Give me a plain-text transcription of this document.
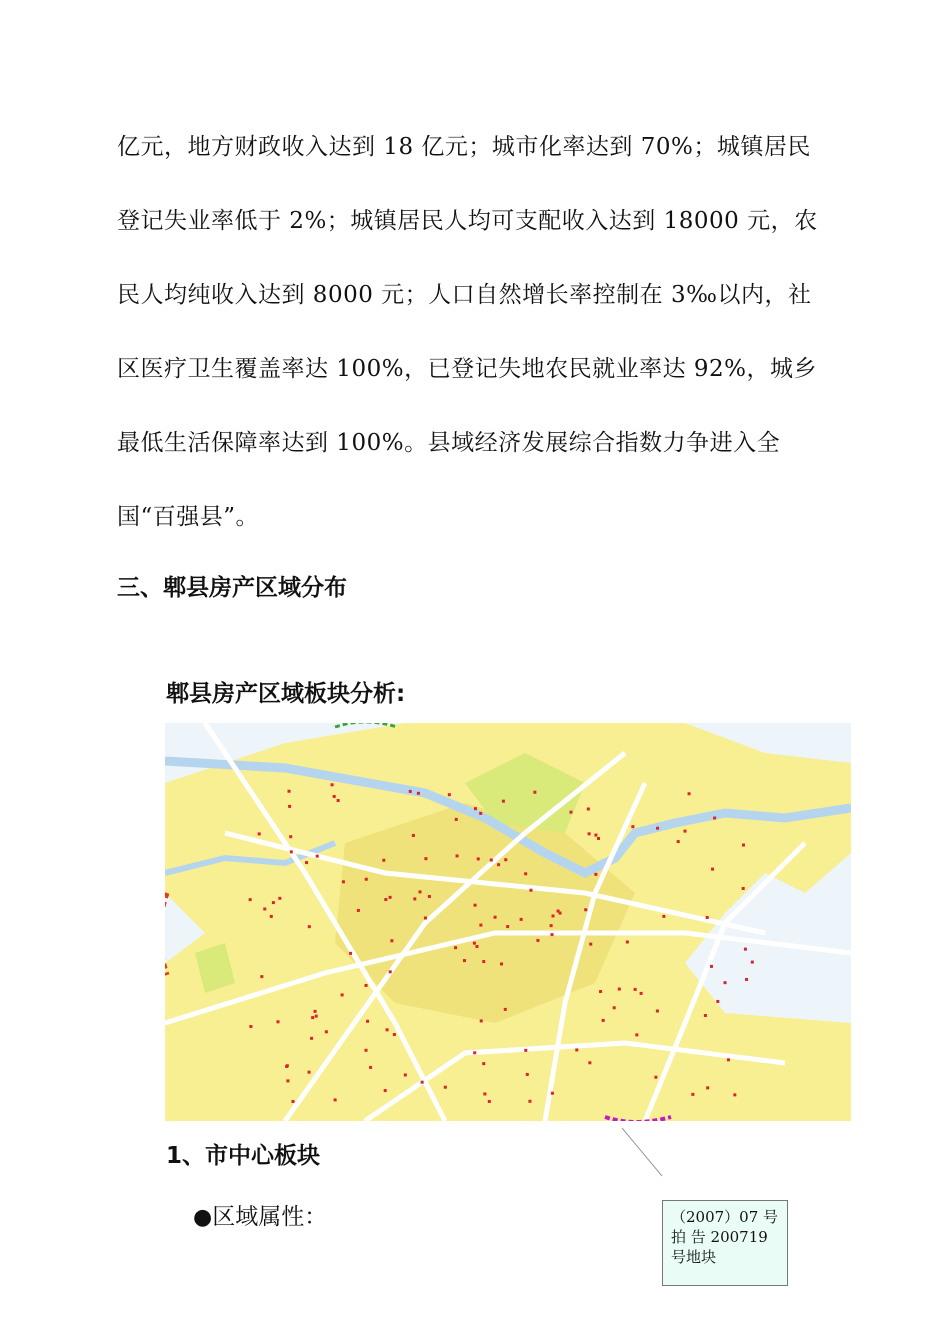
亿元，地方财政收入达到 18 亿元；城市化率达到 70%；城镇居民
登记失业率低于 2%；城镇居民人均可支配收入达到 18000 元，农
民人均纯收入达到 8000 元；人口自然增长率控制在 3‰以内，社
区医疗卫生覆盖率达 100%，已登记失地农民就业率达 92%，城乡
最低生活保障率达到 100%。县域经济发展综合指数力争进入全
国“百强县”。
三、郫县房产区域分布
郫县房产区域板块分析:
1、市中心板块
●区域属性：	（2007）07 号
拍 告 200719
号地块
